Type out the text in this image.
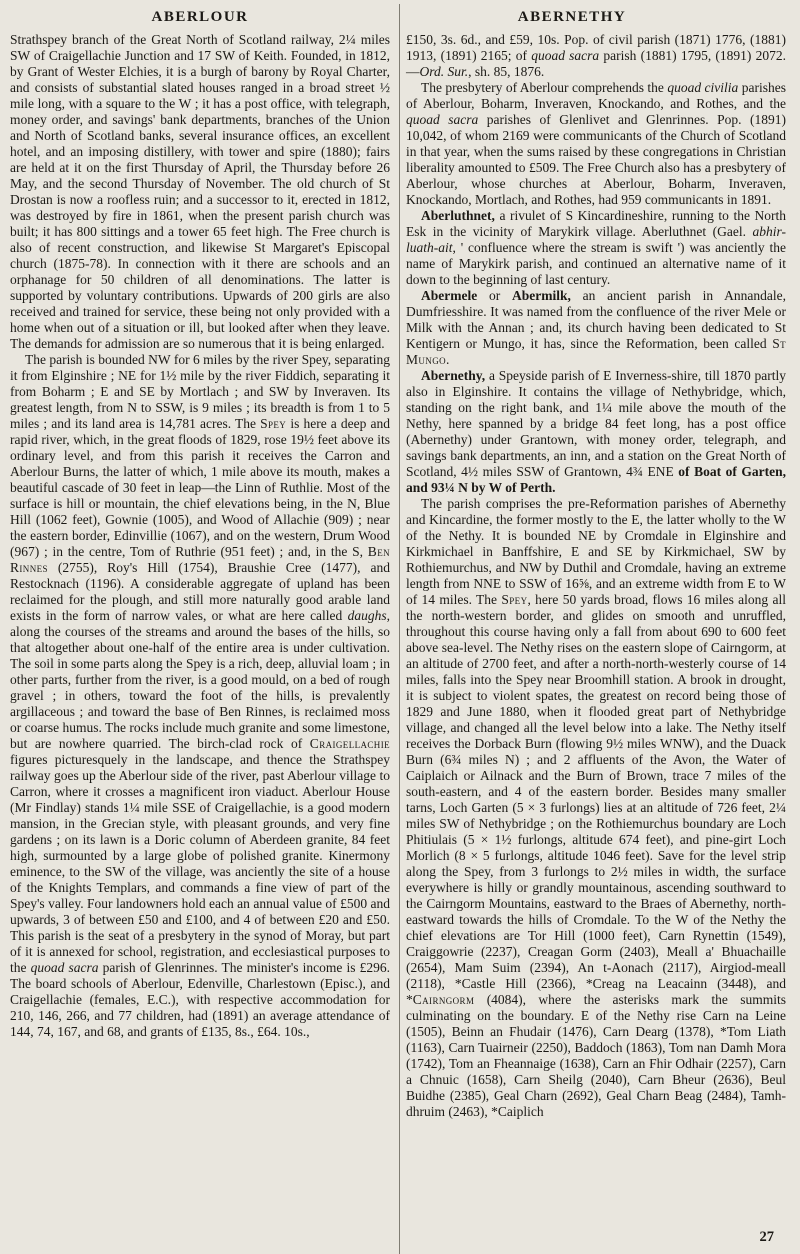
ABERLOUR	ABERNETHY

Strathspey branch of the Great North of Scotland railway, 2¼ miles SW of Craigellachie Junction and 17 SW of Keith. Founded, in 1812, by Grant of Wester Elchies, it is a burgh of barony by Royal Charter, and consists of substantial slated houses ranged in a broad street ½ mile long, with a square to the W ; it has a post office, with telegraph, money order, and savings' bank departments, branches of the Union and North of Scotland banks, several insurance offices, an excellent hotel, and an imposing distillery, with tower and spire (1880); fairs are held at it on the first Thursday of April, the Thursday before 26 May, and the second Thursday of November. The old church of St Drostan is now a roofless ruin; and a successor to it, erected in 1812, was destroyed by fire in 1861, when the present parish church was built; it has 800 sittings and a tower 65 feet high. The Free church is also of recent construction, and likewise St Margaret's Episcopal church (1875-78). In connection with it there are schools and an orphanage for 50 children of all denominations. The latter is supported by voluntary contributions. Upwards of 200 girls are also received and trained for service, these being not only provided with a home when out of a situation or ill, but looked after when they leave. The demands for admission are so numerous that it is being enlarged.

The parish is bounded NW for 6 miles by the river Spey, separating it from Elginshire ; NE for 1½ mile by the river Fiddich, separating it from Boharm ; E and SE by Mortlach ; and SW by Inveraven. Its greatest length, from N to SSW, is 9 miles ; its breadth is from 1 to 5 miles ; and its land area is 14,781 acres. The Spey is here a deep and rapid river, which, in the great floods of 1829, rose 19½ feet above its ordinary level, and from this parish it receives the Carron and Aberlour Burns, the latter of which, 1 mile above its mouth, makes a beautiful cascade of 30 feet in leap—the Linn of Ruthlie. Most of the surface is hill or mountain, the chief elevations being, in the N, Blue Hill (1062 feet), Gownie (1005), and Wood of Allachie (909) ; near the eastern border, Edinvillie (1067), and on the western, Drum Wood (967) ; in the centre, Tom of Ruthrie (951 feet) ; and, in the S, Ben Rinnes (2755), Roy's Hill (1754), Braushie Cree (1477), and Restocknach (1196). A considerable aggregate of upland has been reclaimed for the plough, and still more naturally good arable land exists in the form of narrow vales, or what are here called daughs, along the courses of the streams and around the bases of the hills, so that altogether about one-half of the entire area is under cultivation. The soil in some parts along the Spey is a rich, deep, alluvial loam ; in other parts, further from the river, is a good mould, on a bed of rough gravel ; in others, toward the foot of the hills, is prevalently argillaceous ; and toward the base of Ben Rinnes, is reclaimed moss or coarse humus. The rocks include much granite and some limestone, but are nowhere quarried. The birch-clad rock of Craigellachie figures picturesquely in the landscape, and thence the Strathspey railway goes up the Aberlour side of the river, past Aberlour village to Carron, where it crosses a magnificent iron viaduct. Aberlour House (Mr Findlay) stands 1¼ mile SSE of Craigellachie, is a good modern mansion, in the Grecian style, with pleasant grounds, and very fine gardens ; on its lawn is a Doric column of Aberdeen granite, 84 feet high, surmounted by a large globe of polished granite. Kinermony eminence, to the SW of the village, was anciently the site of a house of the Knights Templars, and commands a fine view of part of the Spey's valley. Four landowners hold each an annual value of £500 and upwards, 3 of between £50 and £100, and 4 of between £20 and £50. This parish is the seat of a presbytery in the synod of Moray, but part of it is annexed for school, registration, and ecclesiastical purposes to the quoad sacra parish of Glenrinnes. The minister's income is £296. The board schools of Aberlour, Edenville, Charlestown (Episc.), and Craigellachie (females, E.C.), with respective accommodation for 210, 146, 266, and 77 children, had (1891) an average attendance of 144, 74, 167, and 68, and grants of £135, 8s., £64. 10s.,

£150, 3s. 6d., and £59, 10s. Pop. of civil parish (1871) 1776, (1881) 1913, (1891) 2165; of quoad sacra parish (1881) 1795, (1891) 2072.—Ord. Sur., sh. 85, 1876.

The presbytery of Aberlour comprehends the quoad civilia parishes of Aberlour, Boharm, Inveraven, Knockando, and Rothes, and the quoad sacra parishes of Glenlivet and Glenrinnes. Pop. (1891) 10,042, of whom 2169 were communicants of the Church of Scotland in that year, when the sums raised by these congregations in Christian liberality amounted to £509. The Free Church also has a presbytery of Aberlour, whose churches at Aberlour, Boharm, Inveraven, Knockando, Mortlach, and Rothes, had 959 communicants in 1891.

Aberluthnet, a rivulet of S Kincardineshire, running to the North Esk in the vicinity of Marykirk village. Aberluthnet (Gael. abhir-luath-ait, ' confluence where the stream is swift ') was anciently the name of Marykirk parish, and continued an alternative name of it down to the beginning of last century.

Abermele or Abermilk, an ancient parish in Annandale, Dumfriesshire. It was named from the confluence of the river Mele or Milk with the Annan ; and, its church having been dedicated to St Kentigern or Mungo, it has, since the Reformation, been called St Mungo.

Abernethy, a Speyside parish of E Inverness-shire, till 1870 partly also in Elginshire. It contains the village of Nethybridge, which, standing on the right bank, and 1¼ mile above the mouth of the Nethy, here spanned by a bridge 84 feet long, has a post office (Abernethy) under Grantown, with money order, telegraph, and savings bank departments, an inn, and a station on the Great North of Scotland, 4½ miles SSW of Grantown, 4¾ ENE of Boat of Garten, and 93¼ N by W of Perth.

The parish comprises the pre-Reformation parishes of Abernethy and Kincardine, the former mostly to the E, the latter wholly to the W of the Nethy. It is bounded NE by Cromdale in Elginshire and Kirkmichael in Banffshire, E and SE by Kirkmichael, SW by Rothiemurchus, and NW by Duthil and Cromdale, having an extreme length from NNE to SSW of 16⅝, and an extreme width from E to W of 14 miles. The Spey, here 50 yards broad, flows 16 miles along all the north-western border, and glides on smooth and unruffled, throughout this course having only a fall from about 690 to 600 feet above sea-level. The Nethy rises on the eastern slope of Cairngorm, at an altitude of 2700 feet, and after a north-north-westerly course of 14 miles, falls into the Spey near Broomhill station. A brook in drought, it is subject to violent spates, the greatest on record being those of 1829 and June 1880, when it flooded great part of Nethybridge village, and changed all the level below into a lake. The Nethy itself receives the Dorback Burn (flowing 9½ miles WNW), and the Duack Burn (6¾ miles N) ; and 2 affluents of the Avon, the Water of Caiplaich or Ailnack and the Burn of Brown, trace 7 miles of the south-eastern, and 4 of the eastern border. Besides many smaller tarns, Loch Garten (5 × 3 furlongs) lies at an altitude of 726 feet, 2¼ miles SW of Nethybridge ; on the Rothiemurchus boundary are Loch Phitiulais (5 × 1½ furlongs, altitude 674 feet), and pine-girt Loch Morlich (8 × 5 furlongs, altitude 1046 feet). Save for the level strip along the Spey, from 3 furlongs to 2½ miles in width, the surface everywhere is hilly or grandly mountainous, ascending southward to the Cairngorm Mountains, eastward to the Braes of Abernethy, north-eastward towards the hills of Cromdale. To the W of the Nethy the chief elevations are Tor Hill (1000 feet), Carn Rynettin (1549), Craiggowrie (2237), Creagan Gorm (2403), Meall a' Bhuachaille (2654), Mam Suim (2394), An t-Aonach (2117), Airgiod-meall (2118), *Castle Hill (2366), *Creag na Leacainn (3448), and *Cairngorm (4084), where the asterisks mark the summits culminating on the boundary. E of the Nethy rise Carn na Leine (1505), Beinn an Fhudair (1476), Carn Dearg (1378), *Tom Liath (1163), Carn Tuairneir (2250), Baddoch (1863), Tom nan Damh Mora (1742), Tom an Fheannaige (1638), Carn an Fhir Odhair (2257), Carn a Chnuic (1658), Carn Sheilg (2040), Carn Bheur (2636), Beul Buidhe (2385), Geal Charn (2692), Geal Charn Beag (2484), Tamh-dhruim (2463), *Caiplich

27
